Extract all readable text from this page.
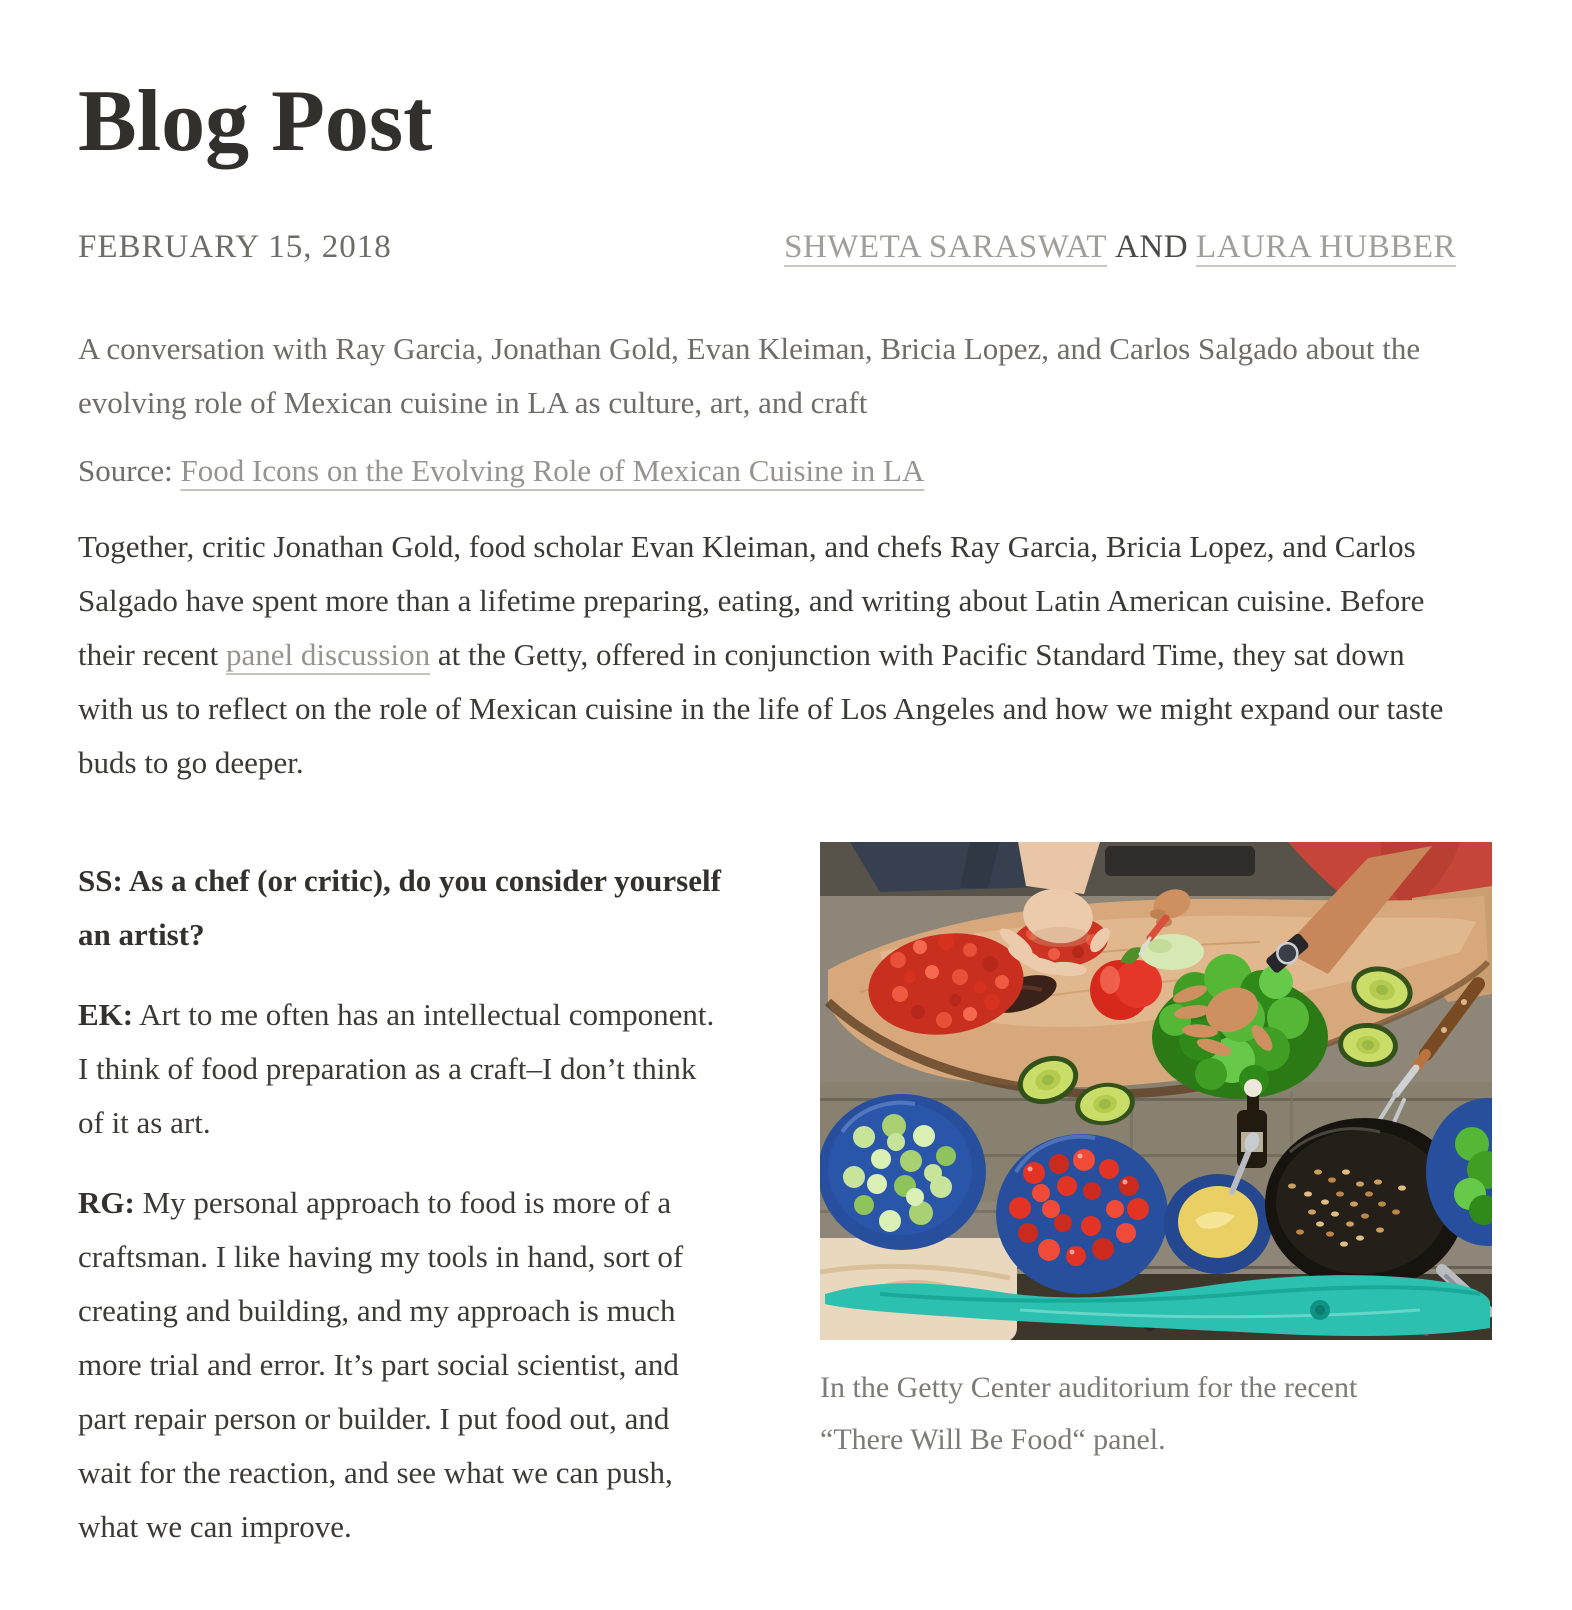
Blog Post
FEBRUARY 15, 2018	SHWETA SARASWAT AND LAURA HUBBER

A conversation with Ray Garcia, Jonathan Gold, Evan Kleiman, Bricia Lopez, and Carlos Salgado about the evolving role of Mexican cuisine in LA as culture, art, and craft

Source: Food Icons on the Evolving Role of Mexican Cuisine in LA

Together, critic Jonathan Gold, food scholar Evan Kleiman, and chefs Ray Garcia, Bricia Lopez, and Carlos Salgado have spent more than a lifetime preparing, eating, and writing about Latin American cuisine. Before their recent panel discussion at the Getty, offered in conjunction with Pacific Standard Time, they sat down with us to reflect on the role of Mexican cuisine in the life of Los Angeles and how we might expand our taste buds to go deeper.

In the Getty Center auditorium for the recent “There Will Be Food“ panel.

SS: As a chef (or critic), do you consider yourself an artist?

EK: Art to me often has an intellectual component. I think of food preparation as a craft–I don’t think of it as art.

RG: My personal approach to food is more of a craftsman. I like having my tools in hand, sort of creating and building, and my approach is much more trial and error. It’s part social scientist, and part repair person or builder. I put food out, and wait for the reaction, and see what we can push, what we can improve.
